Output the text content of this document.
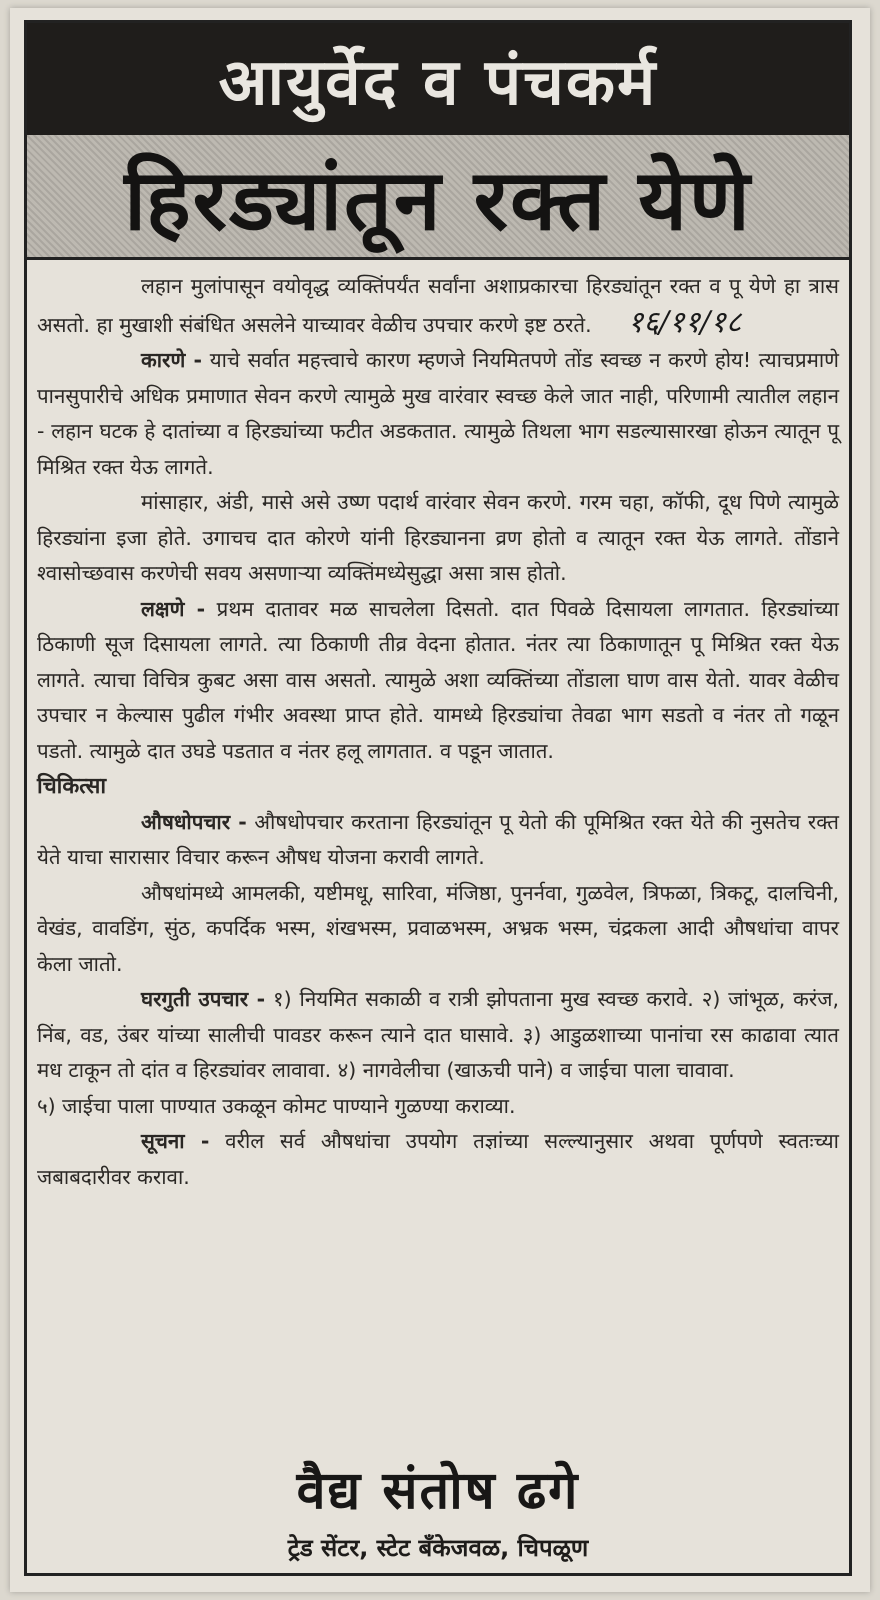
आयुर्वेद व पंचकर्म
हिरड्यांतून रक्त येणे

लहान मुलांपासून वयोवृद्ध व्यक्तिंपर्यंत सर्वांना अशाप्रकारचा हिरड्यांतून रक्त व पू येणे हा त्रास असतो. हा मुखाशी संबंधित असलेने याच्यावर वेळीच उपचार करणे इष्ट ठरते. १६/११/१८

कारणे - याचे सर्वात महत्त्वाचे कारण म्हणजे नियमितपणे तोंड स्वच्छ न करणे होय! त्याचप्रमाणे पानसुपारीचे अधिक प्रमाणात सेवन करणे त्यामुळे मुख वारंवार स्वच्छ केले जात नाही, परिणामी त्यातील लहान - लहान घटक हे दातांच्या व हिरड्यांच्या फटीत अडकतात. त्यामुळे तिथला भाग सडल्यासारखा होऊन त्यातून पू मिश्रित रक्त येऊ लागते.

मांसाहार, अंडी, मासे असे उष्ण पदार्थ वारंवार सेवन करणे. गरम चहा, कॉफी, दूध पिणे त्यामुळे हिरड्यांना इजा होते. उगाचच दात कोरणे यांनी हिरड्यानना व्रण होतो व त्यातून रक्त येऊ लागते. तोंडाने श्वासोच्छवास करणेची सवय असणाऱ्या व्यक्तिंमध्येसुद्धा असा त्रास होतो.

लक्षणे - प्रथम दातावर मळ साचलेला दिसतो. दात पिवळे दिसायला लागतात. हिरड्यांच्या ठिकाणी सूज दिसायला लागते. त्या ठिकाणी तीव्र वेदना होतात. नंतर त्या ठिकाणातून पू मिश्रित रक्त येऊ लागते. त्याचा विचित्र कुबट असा वास असतो. त्यामुळे अशा व्यक्तिंच्या तोंडाला घाण वास येतो. यावर वेळीच उपचार न केल्यास पुढील गंभीर अवस्था प्राप्त होते. यामध्ये हिरड्यांचा तेवढा भाग सडतो व नंतर तो गळून पडतो. त्यामुळे दात उघडे पडतात व नंतर हलू लागतात. व पडून जातात.

चिकित्सा

औषधोपचार - औषधोपचार करताना हिरड्यांतून पू येतो की पूमिश्रित रक्त येते की नुसतेच रक्त येते याचा सारासार विचार करून औषध योजना करावी लागते.

औषधांमध्ये आमलकी, यष्टीमधू, सारिवा, मंजिष्ठा, पुनर्नवा, गुळवेल, त्रिफळा, त्रिकटू, दालचिनी, वेखंड, वावडिंग, सुंठ, कपर्दिक भस्म, शंखभस्म, प्रवाळभस्म, अभ्रक भस्म, चंद्रकला आदी औषधांचा वापर केला जातो.

घरगुती उपचार - १) नियमित सकाळी व रात्री झोपताना मुख स्वच्छ करावे. २) जांभूळ, करंज, निंब, वड, उंबर यांच्या सालीची पावडर करून त्याने दात घासावे. ३) आडुळशाच्या पानांचा रस काढावा त्यात मध टाकून तो दांत व हिरड्यांवर लावावा. ४) नागवेलीचा (खाऊची पाने) व जाईचा पाला चावावा.

५) जाईचा पाला पाण्यात उकळून कोमट पाण्याने गुळण्या कराव्या.

सूचना - वरील सर्व औषधांचा उपयोग तज्ञांच्या सल्ल्यानुसार अथवा पूर्णपणे स्वतःच्या जबाबदारीवर करावा.

वैद्य संतोष ढगे
ट्रेड सेंटर, स्टेट बँकेजवळ, चिपळूण
